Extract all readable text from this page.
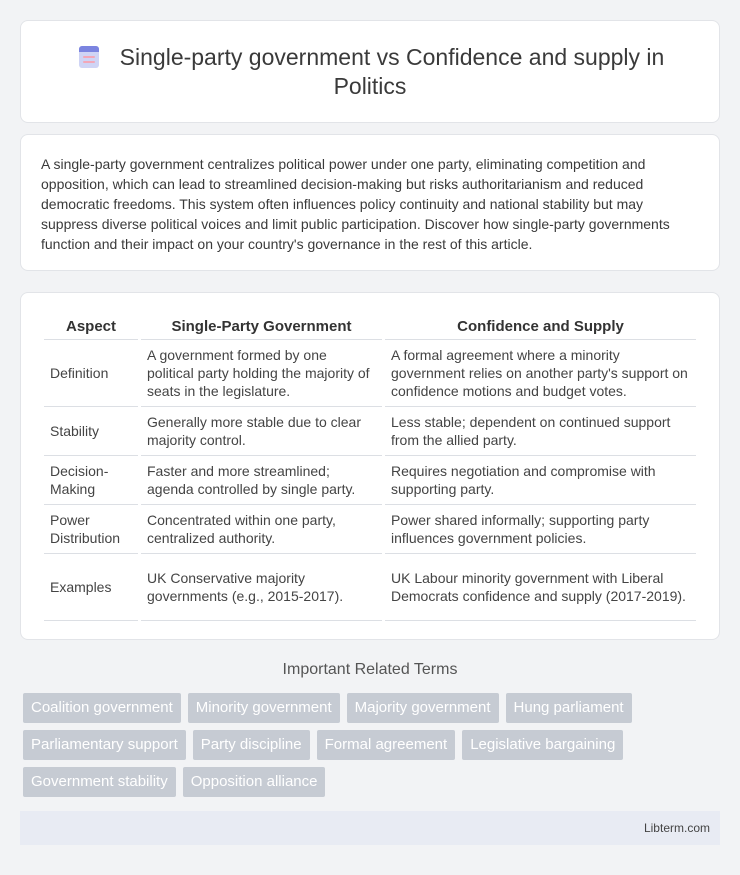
Single-party government vs Confidence and supply in Politics

A single-party government centralizes political power under one party, eliminating competition and opposition, which can lead to streamlined decision-making but risks authoritarianism and reduced democratic freedoms. This system often influences policy continuity and national stability but may suppress diverse political voices and limit public participation. Discover how single-party governments function and their impact on your country's governance in the rest of this article.

Aspect	Single-Party Government	Confidence and Supply
Definition	A government formed by one political party holding the majority of seats in the legislature.	A formal agreement where a minority government relies on another party's support on confidence motions and budget votes.
Stability	Generally more stable due to clear majority control.	Less stable; dependent on continued support from the allied party.
Decision-Making	Faster and more streamlined; agenda controlled by single party.	Requires negotiation and compromise with supporting party.
Power Distribution	Concentrated within one party, centralized authority.	Power shared informally; supporting party influences government policies.
Examples	UK Conservative majority governments (e.g., 2015-2017).	UK Labour minority government with Liberal Democrats confidence and supply (2017-2019).
Important Related Terms
Coalition government	Minority government	Majority government	Hung parliament
Parliamentary support	Party discipline	Formal agreement	Legislative bargaining
Government stability	Opposition alliance
Libterm.com
